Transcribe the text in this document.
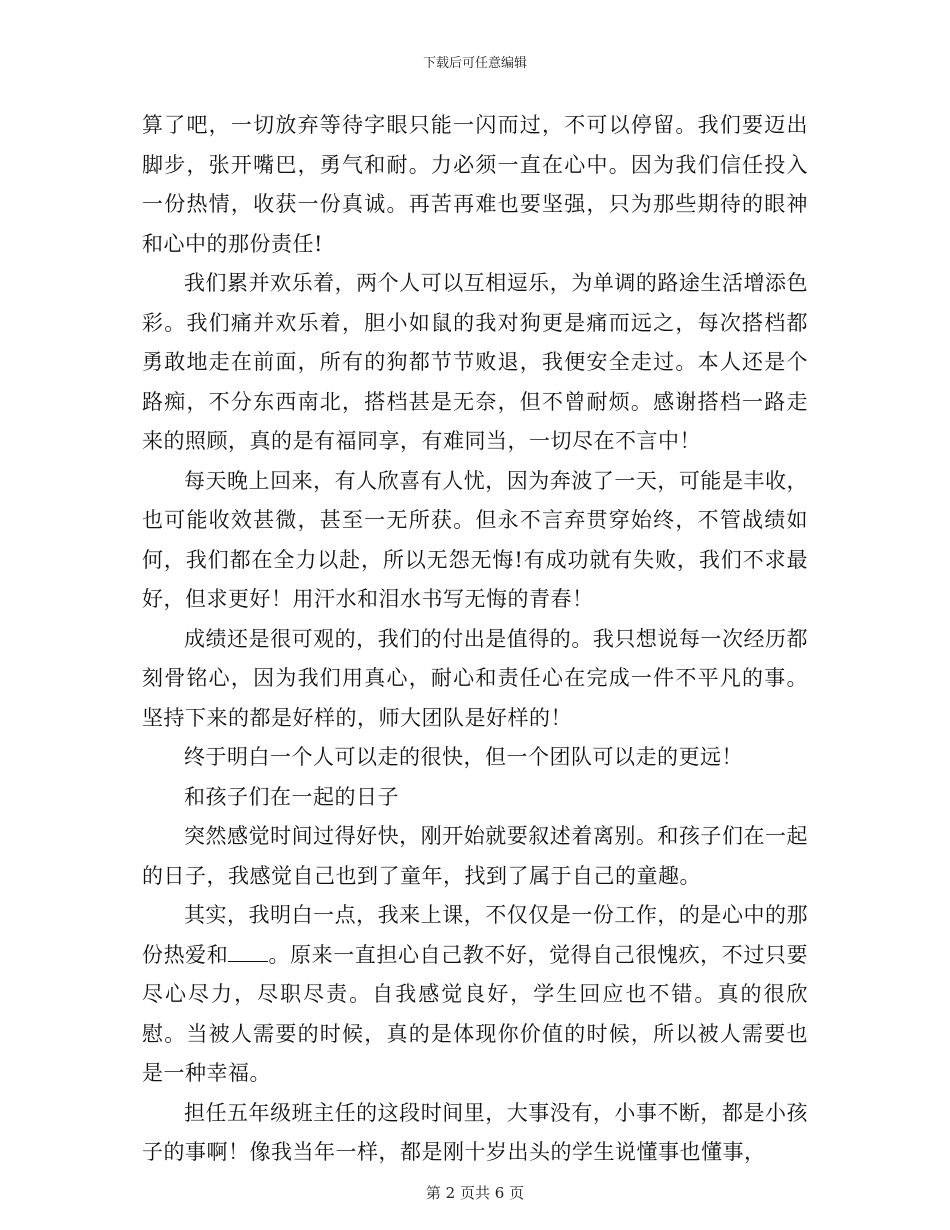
下载后可任意编辑

算了吧，一切放弃等待字眼只能一闪而过，不可以停留。我们要迈出脚步，张开嘴巴，勇气和耐。力必须一直在心中。因为我们信任投入一份热情，收获一份真诚。再苦再难也要坚强，只为那些期待的眼神和心中的那份责任!

我们累并欢乐着，两个人可以互相逗乐，为单调的路途生活增添色彩。我们痛并欢乐着，胆小如鼠的我对狗更是痛而远之，每次搭档都勇敢地走在前面，所有的狗都节节败退，我便安全走过。本人还是个路痴，不分东西南北，搭档甚是无奈，但不曾耐烦。感谢搭档一路走来的照顾，真的是有福同享，有难同当，一切尽在不言中！

每天晚上回来，有人欣喜有人忧，因为奔波了一天，可能是丰收，也可能收效甚微，甚至一无所获。但永不言弃贯穿始终，不管战绩如何，我们都在全力以赴，所以无怨无悔!有成功就有失败，我们不求最好，但求更好！用汗水和泪水书写无悔的青春！

成绩还是很可观的，我们的付出是值得的。我只想说每一次经历都刻骨铭心，因为我们用真心，耐心和责任心在完成一件不平凡的事。坚持下来的都是好样的，师大团队是好样的！

终于明白一个人可以走的很快，但一个团队可以走的更远！

和孩子们在一起的日子

突然感觉时间过得好快，刚开始就要叙述着离别。和孩子们在一起的日子，我感觉自己也到了童年，找到了属于自己的童趣。

其实，我明白一点，我来上课，不仅仅是一份工作，的是心中的那份热爱和 。原来一直担心自己教不好，觉得自己很愧疚，不过只要尽心尽力，尽职尽责。自我感觉良好，学生回应也不错。真的很欣慰。当被人需要的时候，真的是体现你价值的时候，所以被人需要也是一种幸福。

担任五年级班主任的这段时间里，大事没有，小事不断，都是小孩子的事啊！像我当年一样，都是刚十岁出头的学生说懂事也懂事，

第 2 页共 6 页
